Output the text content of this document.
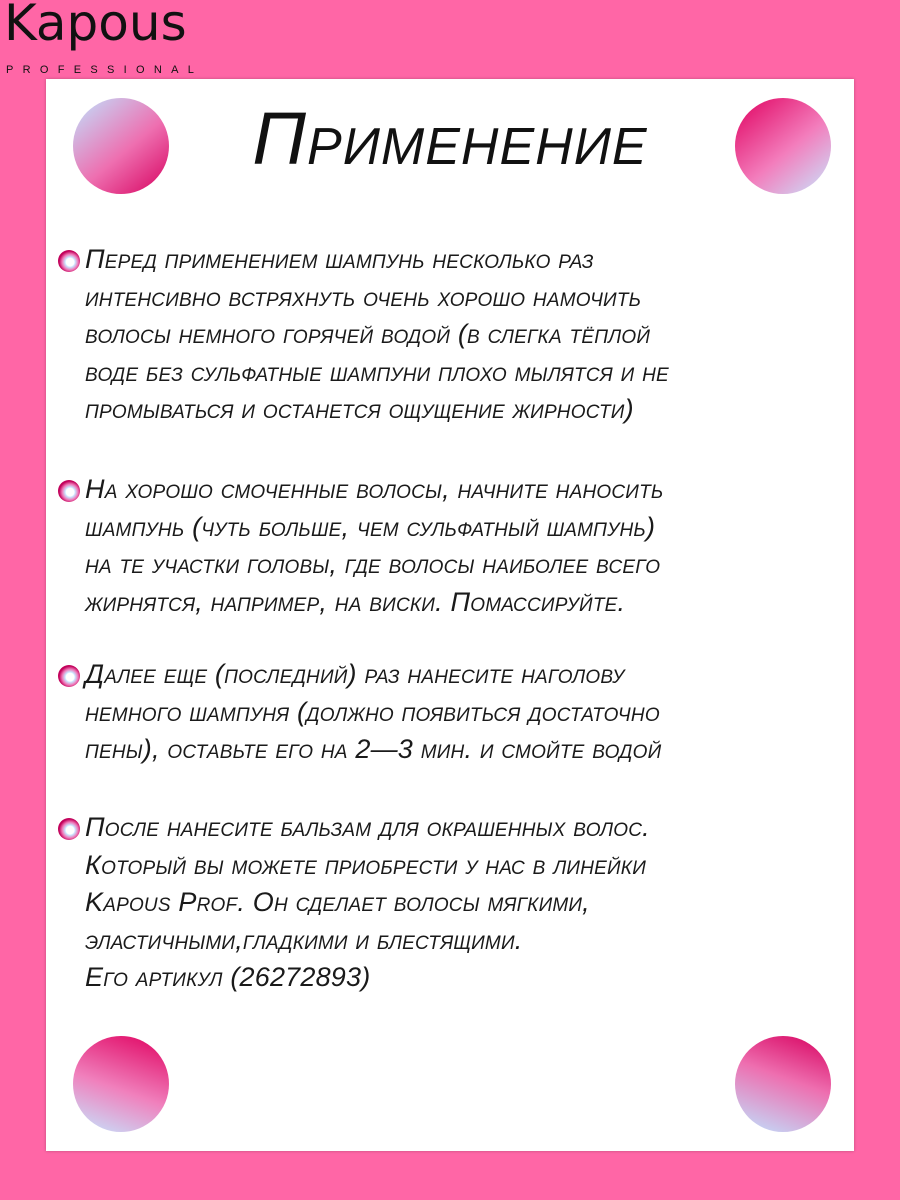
Kapous
PROFESSIONAL
Применение
Перед применением шампунь несколько раз
интенсивно встряхнуть очень хорошо намочить
волосы немного горячей водой (в слегка тёплой
воде без сульфатные шампуни плохо мылятся и не
промываться и останется ощущение жирности)
На хорошо смоченные волосы, начните наносить
шампунь (чуть больше, чем сульфатный шампунь)
на те участки головы, где волосы наиболее всего
жирнятся, например, на виски. Помассируйте.
Далее еще (последний) раз нанесите наголову
немного шампуня (должно появиться достаточно
пены), оставьте его на 2—3 мин. и смойте водой
После нанесите бальзам для окрашенных волос.
Который вы можете приобрести у нас в линейки
Kapous Prof. Он сделает волосы мягкими,
эластичными,гладкими и блестящими.
Его артикул (26272893)
